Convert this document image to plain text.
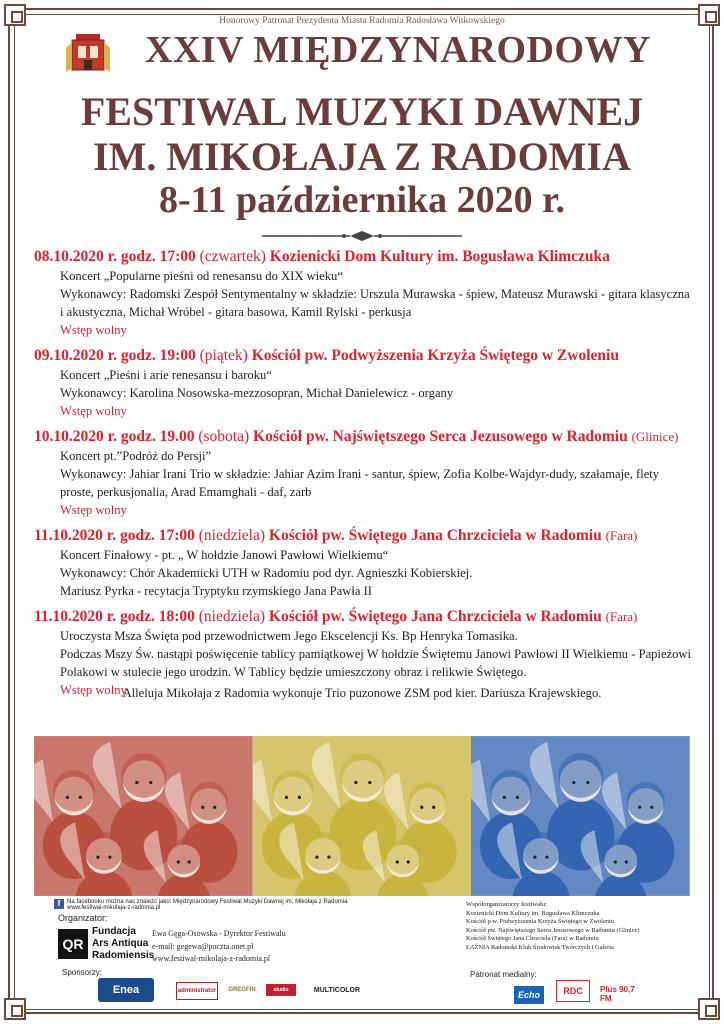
Honorowy Patronat Prezydenta Miasta Radomia Radosława Witkowskiego
XXIV MIĘDZYNARODOWY
FESTIWAL MUZYKI DAWNEJ
IM. MIKOŁAJA Z RADOMIA
8-11 października 2020 r.
08.10.2020 r. godz. 17:00 (czwartek) Kozienicki Dom Kultury im. Bogusława Klimczuka
Koncert „Popularne pieśni od renesansu do XIX wieku“
Wykonawcy: Radomski Zespół Sentymentalny w składzie: Urszula Murawska - śpiew, Mateusz Murawski - gitara klasyczna i akustyczna, Michał Wróbel - gitara basowa, Kamil Rylski - perkusja
Wstęp wolny
09.10.2020 r. godz. 19:00 (piątek) Kościół pw. Podwyższenia Krzyża Świętego w Zwoleniu
Koncert „Pieśni i arie renesansu i baroku“
Wykonawcy: Karolina Nosowska-mezzosopran, Michał Danielewicz - organy
Wstęp wolny
10.10.2020 r. godz. 19.00 (sobota) Kościół pw. Najświętszego Serca Jezusowego w Radomiu (Glinice)
Koncert pt.”Podróż do Persji”
Wykonawcy: Jahiar Irani Trio w składzie: Jahiar Azim Irani - santur, śpiew, Zofia Kolbe-Wajdyr-dudy, szałamaje, flety proste, perkusjonalia, Arad Emamghali - daf, zarb
Wstęp wolny
11.10.2020 r. godz. 17:00 (niedziela) Kościół pw. Świętego Jana Chrzciciela w Radomiu (Fara)
Koncert Finałowy - pt. „ W hołdzie Janowi Pawłowi Wielkiemu“
Wykonawcy: Chór Akademicki UTH w Radomiu pod dyr. Agnieszki Kobierskiej.
Mariusz Pyrka - recytacja Tryptyku rzymskiego Jana Pawła II
11.10.2020 r. godz. 18:00 (niedziela) Kościół pw. Świętego Jana Chrzciciela w Radomiu (Fara)
Uroczysta Msza Święta pod przewodnictwem Jego Ekscelencji Ks. Bp Henryka Tomasika.
Podczas Mszy Św. nastąpi poświęcenie tablicy pamiątkowej W hołdzie Świętemu Janowi Pawłowi II Wielkiemu - Papieżowi Polakowi w stulecie jego urodzin. W Tablicy będzie umieszczony obraz i relikwie Świętego.
Wstęp wolny
Alleluja Mikołaja z Radomia wykonuje Trio puzonowe ZSM pod kier. Dariusza Krajewskiego.
f	Na facebooku można nas znaleźć jako: Międzynarodowy Festiwal Muzyki Dawnej im. Mikołaja z Radomia
www.festiwal-mikolaja-z-radomia.pl
Organizator:
QR
Fundacja
Ars Antiqua
Radomiensis
Ewa Gęga-Osowska - Dyrektor Festiwalu
e-mail: gegewa@poczta.onet.pl
www.festiwal-mikolaja-z-radomia.pl
Współorganizatorzy festiwalu:
Kozienicki Dom Kultury im. Bogusława Klimczuka
Kościół p.w. Podwyższenia Krzyża Świętego w Zwoleniu
Kościół pw. Najświętszego Serca Jezusowego w Radomiu (Glinice)
Kościół Świętego Jana Chrzciela (Fara) w Radomiu
ŁAŹNIA Radomski Klub Środowisk Twórczych i Galeria
Sponsorzy:
Enea	administrator	GREGFIN	studio	MULTICOLOR
Patronat medialny:
Echo	RDC	Plus 90,7 FM
